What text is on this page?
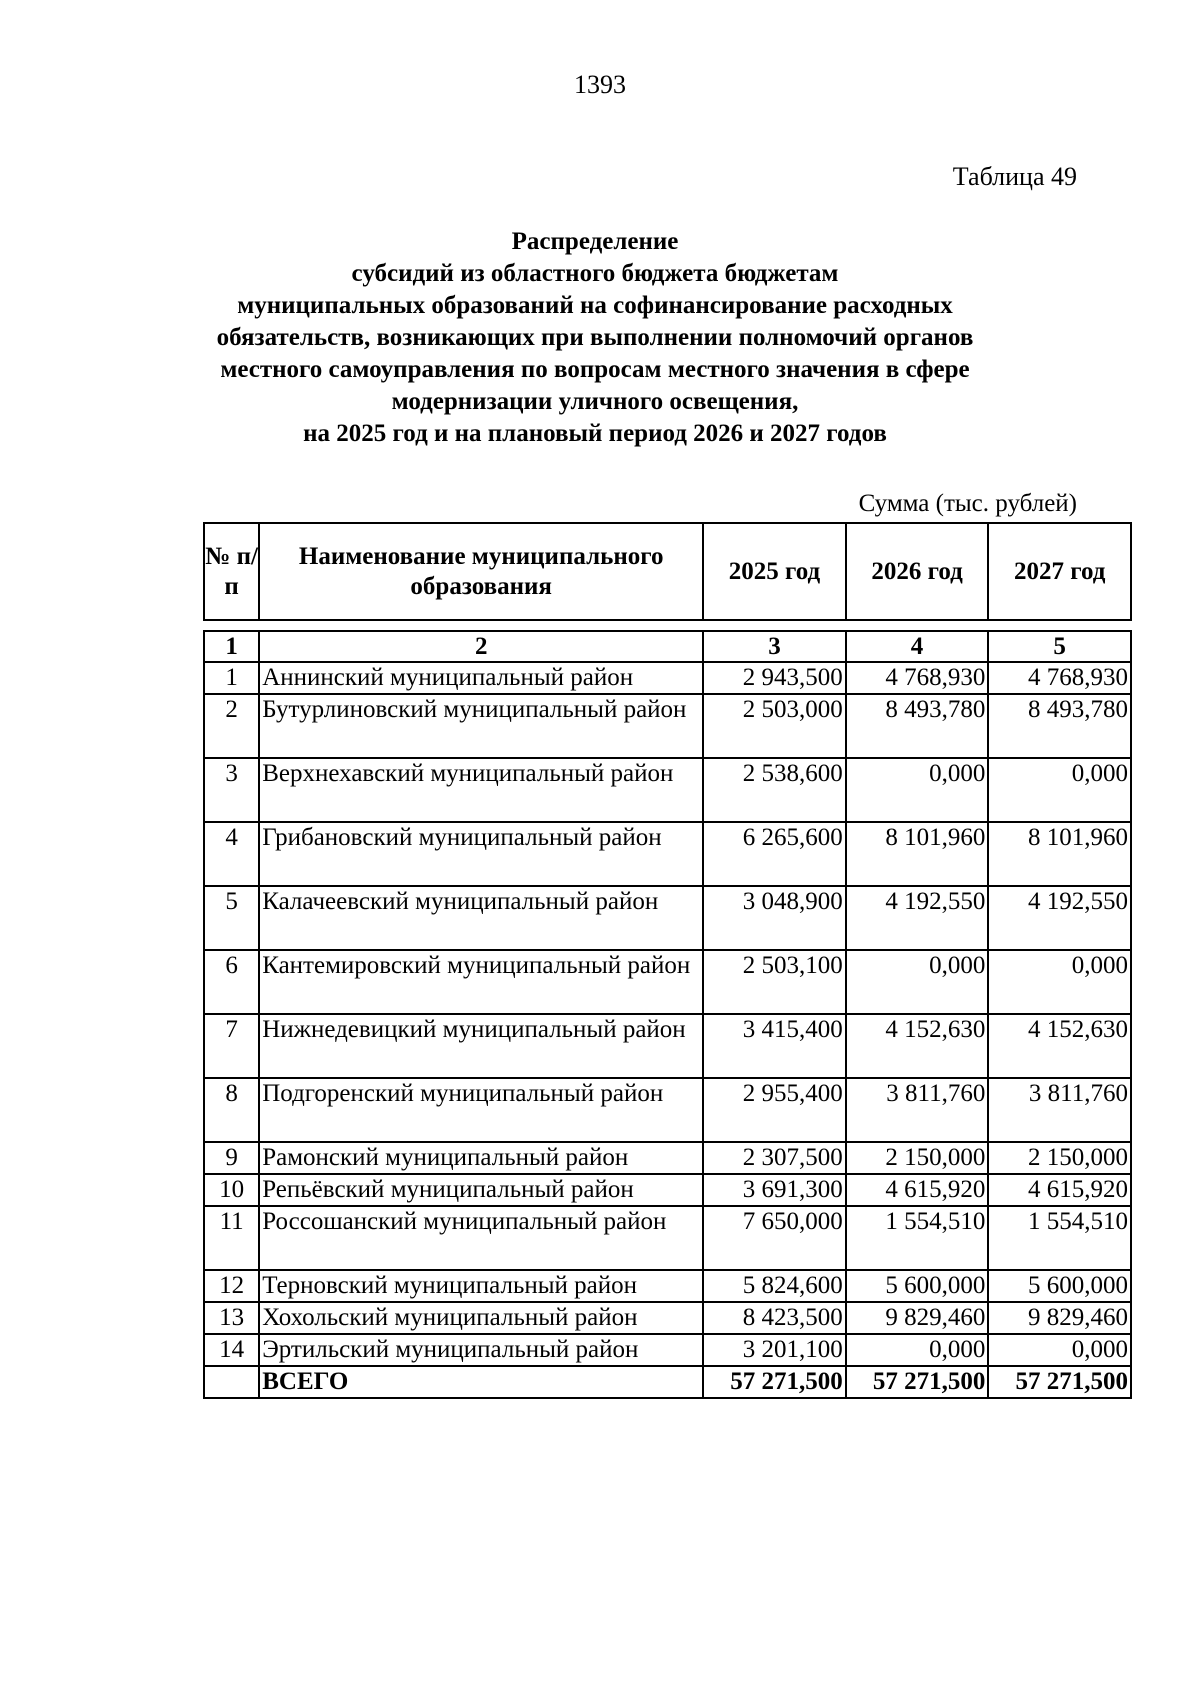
1393
Таблица 49
Распределение
субсидий из областного бюджета бюджетам
муниципальных образований на софинансирование расходных
обязательств, возникающих при выполнении полномочий органов
местного самоуправления по вопросам местного значения в сфере
модернизации уличного освещения,
на 2025 год и на плановый период 2026 и 2027 годов
Сумма (тыс. рублей)
№ п/п	Наименование муниципального образования	2025 год	2026 год	2027 год
1	2	3	4	5
1	Аннинский муниципальный район	2 943,500	4 768,930	4 768,930
2	Бутурлиновский муниципальный район	2 503,000	8 493,780	8 493,780
3	Верхнехавский муниципальный район	2 538,600	0,000	0,000
4	Грибановский муниципальный район	6 265,600	8 101,960	8 101,960
5	Калачеевский муниципальный район	3 048,900	4 192,550	4 192,550
6	Кантемировский муниципальный район	2 503,100	0,000	0,000
7	Нижнедевицкий муниципальный район	3 415,400	4 152,630	4 152,630
8	Подгоренский муниципальный район	2 955,400	3 811,760	3 811,760
9	Рамонский муниципальный район	2 307,500	2 150,000	2 150,000
10	Репьёвский муниципальный район	3 691,300	4 615,920	4 615,920
11	Россошанский муниципальный район	7 650,000	1 554,510	1 554,510
12	Терновский муниципальный район	5 824,600	5 600,000	5 600,000
13	Хохольский муниципальный район	8 423,500	9 829,460	9 829,460
14	Эртильский муниципальный район	3 201,100	0,000	0,000
	ВСЕГО	57 271,500	57 271,500	57 271,500
